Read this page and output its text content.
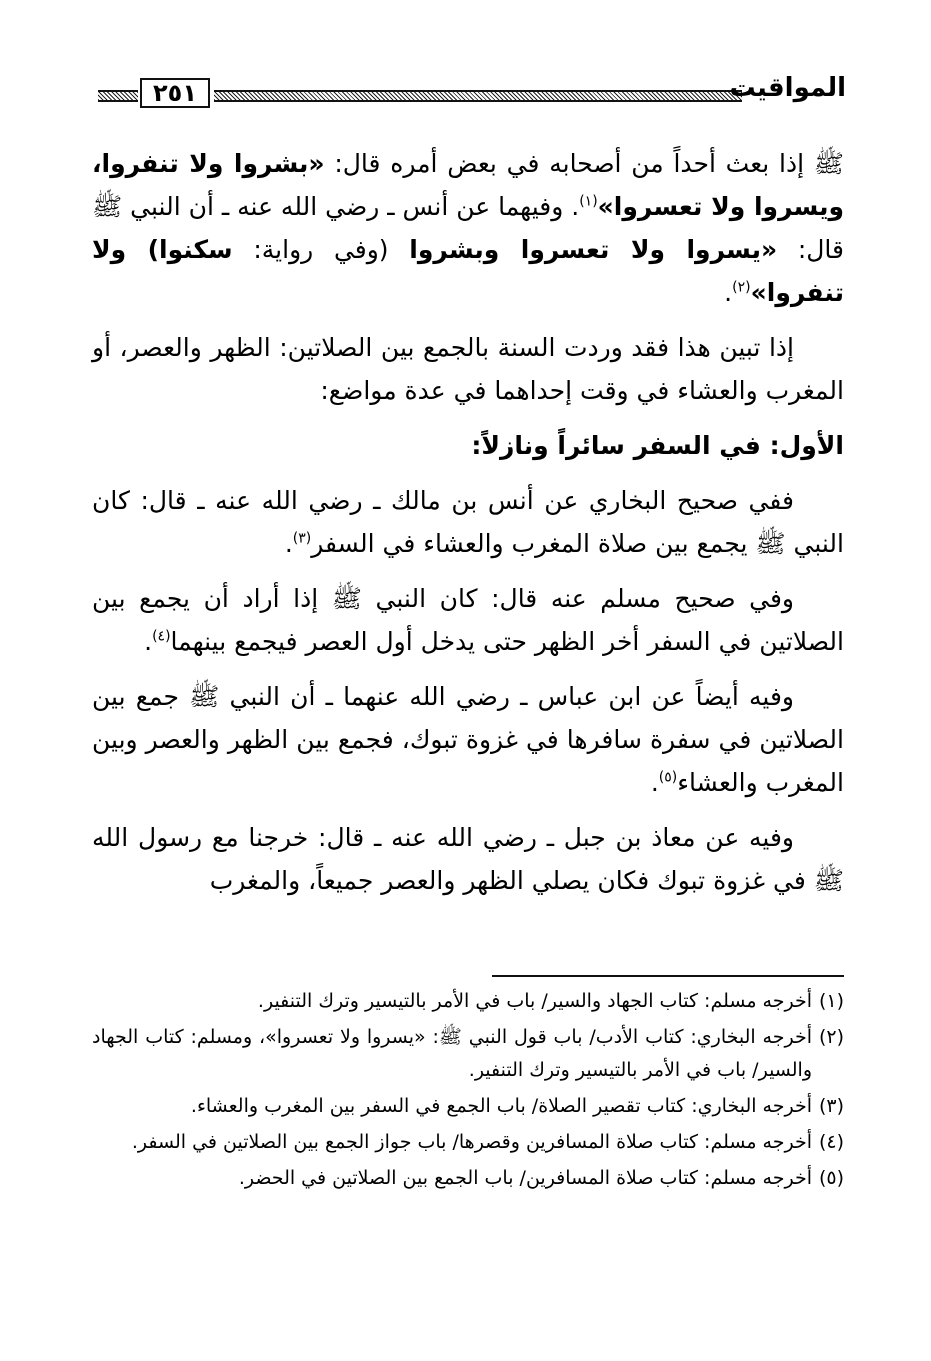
٢٥١	المواقيت

ﷺ إذا بعث أحداً من أصحابه في بعض أمره قال: «بشروا ولا تنفروا، ويسروا ولا تعسروا»$^{(١)}$. وفيهما عن أنس ـ رضي الله عنه ـ أن النبي ﷺ قال: «يسروا ولا تعسروا وبشروا (وفي رواية: سكنوا) ولا تنفروا»$^{(٢)}$.

إذا تبين هذا فقد وردت السنة بالجمع بين الصلاتين: الظهر والعصر، أو المغرب والعشاء في وقت إحداهما في عدة مواضع:

الأول: في السفر سائراً ونازلاً:

ففي صحيح البخاري عن أنس بن مالك ـ رضي الله عنه ـ قال: كان النبي ﷺ يجمع بين صلاة المغرب والعشاء في السفر$^{(٣)}$.

وفي صحيح مسلم عنه قال: كان النبي ﷺ إذا أراد أن يجمع بين الصلاتين في السفر أخر الظهر حتى يدخل أول العصر فيجمع بينهما$^{(٤)}$.

وفيه أيضاً عن ابن عباس ـ رضي الله عنهما ـ أن النبي ﷺ جمع بين الصلاتين في سفرة سافرها في غزوة تبوك، فجمع بين الظهر والعصر وبين المغرب والعشاء$^{(٥)}$.

وفيه عن معاذ بن جبل ـ رضي الله عنه ـ قال: خرجنا مع رسول الله ﷺ في غزوة تبوك فكان يصلي الظهر والعصر جميعاً، والمغرب

(١)
أخرجه مسلم: كتاب الجهاد والسير/ باب في الأمر بالتيسير وترك التنفير.

(٢)
أخرجه البخاري: كتاب الأدب/ باب قول النبي ﷺ: «يسروا ولا تعسروا»، ومسلم: كتاب الجهاد والسير/ باب في الأمر بالتيسير وترك التنفير.

(٣)
أخرجه البخاري: كتاب تقصير الصلاة/ باب الجمع في السفر بين المغرب والعشاء.

(٤)
أخرجه مسلم: كتاب صلاة المسافرين وقصرها/ باب جواز الجمع بين الصلاتين في السفر.

(٥)
أخرجه مسلم: كتاب صلاة المسافرين/ باب الجمع بين الصلاتين في الحضر.
